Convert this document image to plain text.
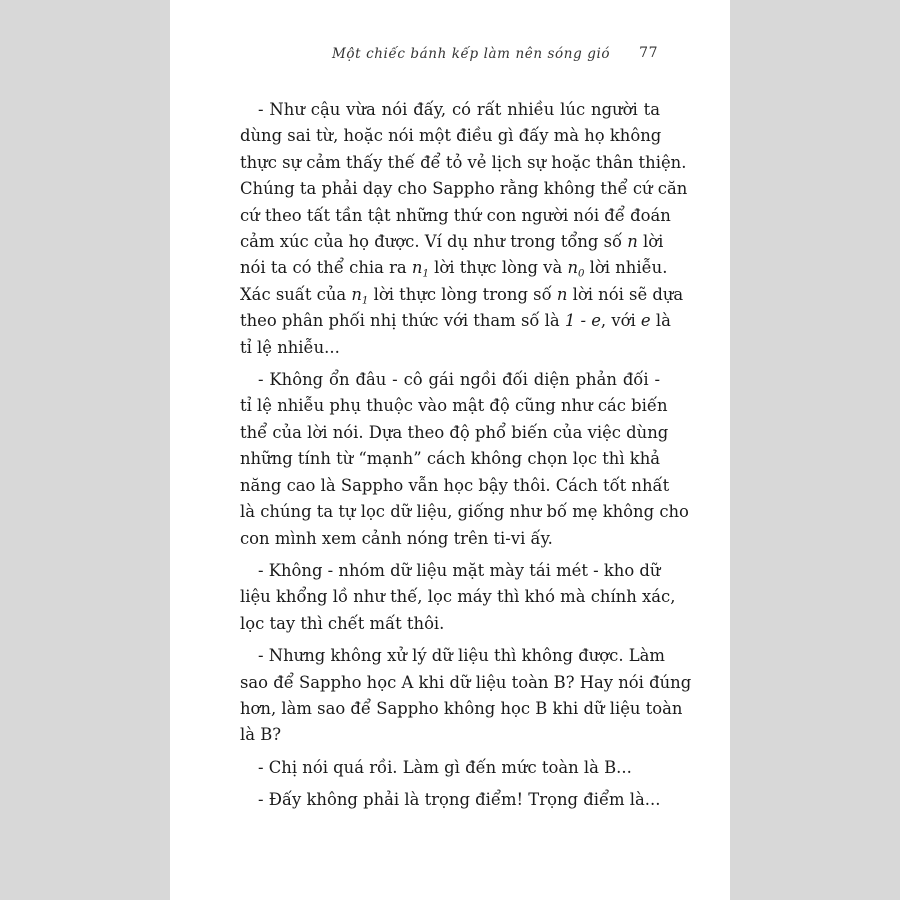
Một chiếc bánh kếp làm nên sóng gió 77
- Như cậu vừa nói đấy, có rất nhiều lúc người ta
dùng sai từ, hoặc nói một điều gì đấy mà họ không
thực sự cảm thấy thế để tỏ vẻ lịch sự hoặc thân thiện.
Chúng ta phải dạy cho Sappho rằng không thể cứ căn
cứ theo tất tần tật những thứ con người nói để đoán
cảm xúc của họ được. Ví dụ như trong tổng số n lời
nói ta có thể chia ra $n_1$ lời thực lòng và $n_0$ lời nhiễu.
Xác suất của $n_1$ lời thực lòng trong số n lời nói sẽ dựa
theo phân phối nhị thức với tham số là 1 - e, với e là
tỉ lệ nhiễu...
- Không ổn đâu - cô gái ngồi đối diện phản đối -
tỉ lệ nhiễu phụ thuộc vào mật độ cũng như các biến
thể của lời nói. Dựa theo độ phổ biến của việc dùng
những tính từ “mạnh” cách không chọn lọc thì khả
năng cao là Sappho vẫn học bậy thôi. Cách tốt nhất
là chúng ta tự lọc dữ liệu, giống như bố mẹ không cho
con mình xem cảnh nóng trên ti-vi ấy.
- Không - nhóm dữ liệu mặt mày tái mét - kho dữ
liệu khổng lồ như thế, lọc máy thì khó mà chính xác,
lọc tay thì chết mất thôi.
- Nhưng không xử lý dữ liệu thì không được. Làm
sao để Sappho học A khi dữ liệu toàn B? Hay nói đúng
hơn, làm sao để Sappho không học B khi dữ liệu toàn
là B?
- Chị nói quá rồi. Làm gì đến mức toàn là B...
- Đấy không phải là trọng điểm! Trọng điểm là...
